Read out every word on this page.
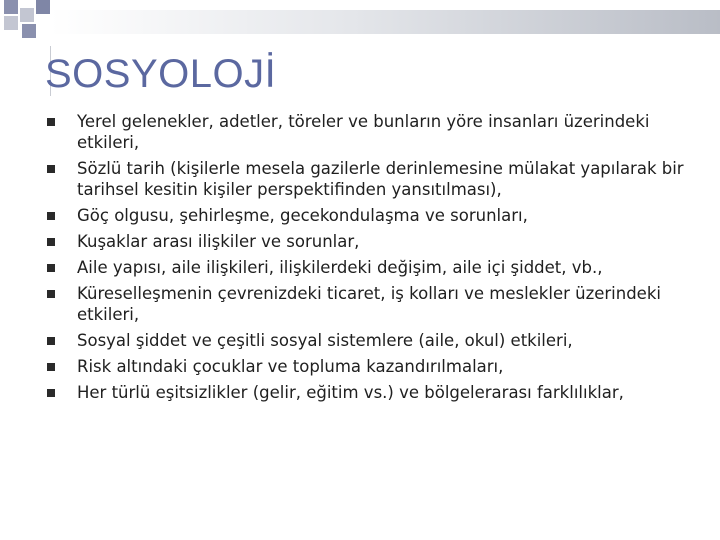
SOSYOLOJİ
Yerel gelenekler, adetler, töreler ve bunların yöre insanları üzerindeki etkileri,
Sözlü tarih (kişilerle mesela gazilerle derinlemesine mülakat yapılarak bir tarihsel kesitin kişiler perspektifinden yansıtılması),
Göç olgusu, şehirleşme, gecekondulaşma ve sorunları,
Kuşaklar arası ilişkiler ve sorunlar,
Aile yapısı, aile ilişkileri, ilişkilerdeki değişim, aile içi şiddet, vb.,
Küreselleşmenin çevrenizdeki ticaret, iş kolları ve meslekler üzerindeki etkileri,
Sosyal şiddet ve çeşitli sosyal sistemlere (aile, okul) etkileri,
Risk altındaki çocuklar ve topluma kazandırılmaları,
Her türlü eşitsizlikler (gelir, eğitim vs.) ve bölgelerarası farklılıklar,
